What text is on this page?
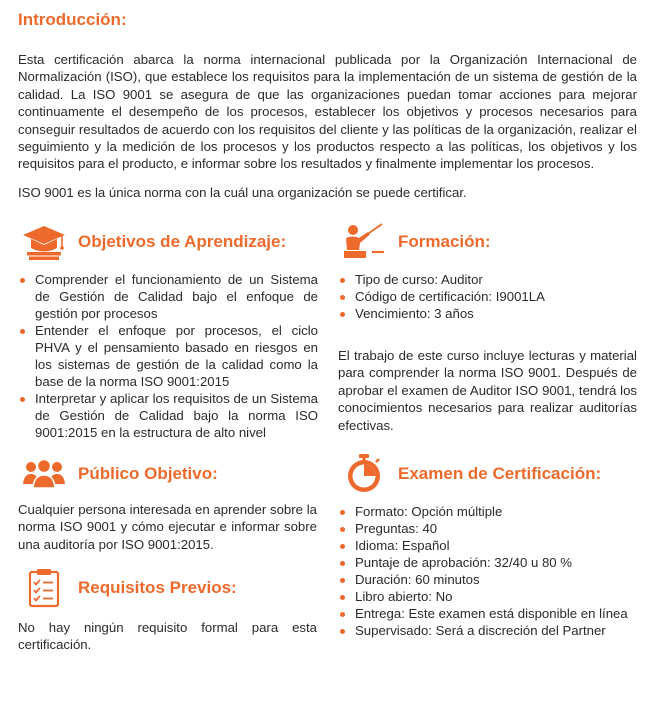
Introducción:

Esta certificación abarca la norma internacional publicada por la Organización Internacional de Normalización (ISO), que establece los requisitos para la implementación de un sistema de gestión de la calidad. La ISO 9001 se asegura de que las organizaciones puedan tomar acciones para mejorar continuamente el desempeño de los procesos, establecer los objetivos y procesos necesarios para conseguir resultados de acuerdo con los requisitos del cliente y las políticas de la organización, realizar el seguimiento y la medición de los procesos y los productos respecto a las políticas, los objetivos y los requisitos para el producto, e informar sobre los resultados y finalmente implementar los procesos.

ISO 9001 es la única norma con la cuál una organización se puede certificar.

Objetivos de Aprendizaje:
Comprender el funcionamiento de un Sistema de Gestión de Calidad bajo el enfoque de gestión por procesos
Entender el enfoque por procesos, el ciclo PHVA y el pensamiento basado en riesgos en los sistemas de gestión de la calidad como la base de la norma ISO 9001:2015
Interpretar y aplicar los requisitos de un Sistema de Gestión de Calidad bajo la norma ISO 9001:2015 en la estructura de alto nivel
Formación:
Tipo de curso: Auditor
Código de certificación: I9001LA
Vencimiento: 3 años

El trabajo de este curso incluye lecturas y material para comprender la norma ISO 9001. Después de aprobar el examen de Auditor ISO 9001, tendrá los conocimientos necesarios para realizar auditorías efectivas.

Público Objetivo:

Cualquier persona interesada en aprender sobre la norma ISO 9001 y cómo ejecutar e informar sobre una auditoría por ISO 9001:2015.

Requisitos Previos:

No hay ningún requisito formal para esta certificación.

Examen de Certificación:
Formato: Opción múltiple
Preguntas: 40
Idioma: Español
Puntaje de aprobación: 32/40 u 80 %
Duración: 60 minutos
Libro abierto: No
Entrega: Este examen está disponible en línea
Supervisado: Será a discreción del Partner
